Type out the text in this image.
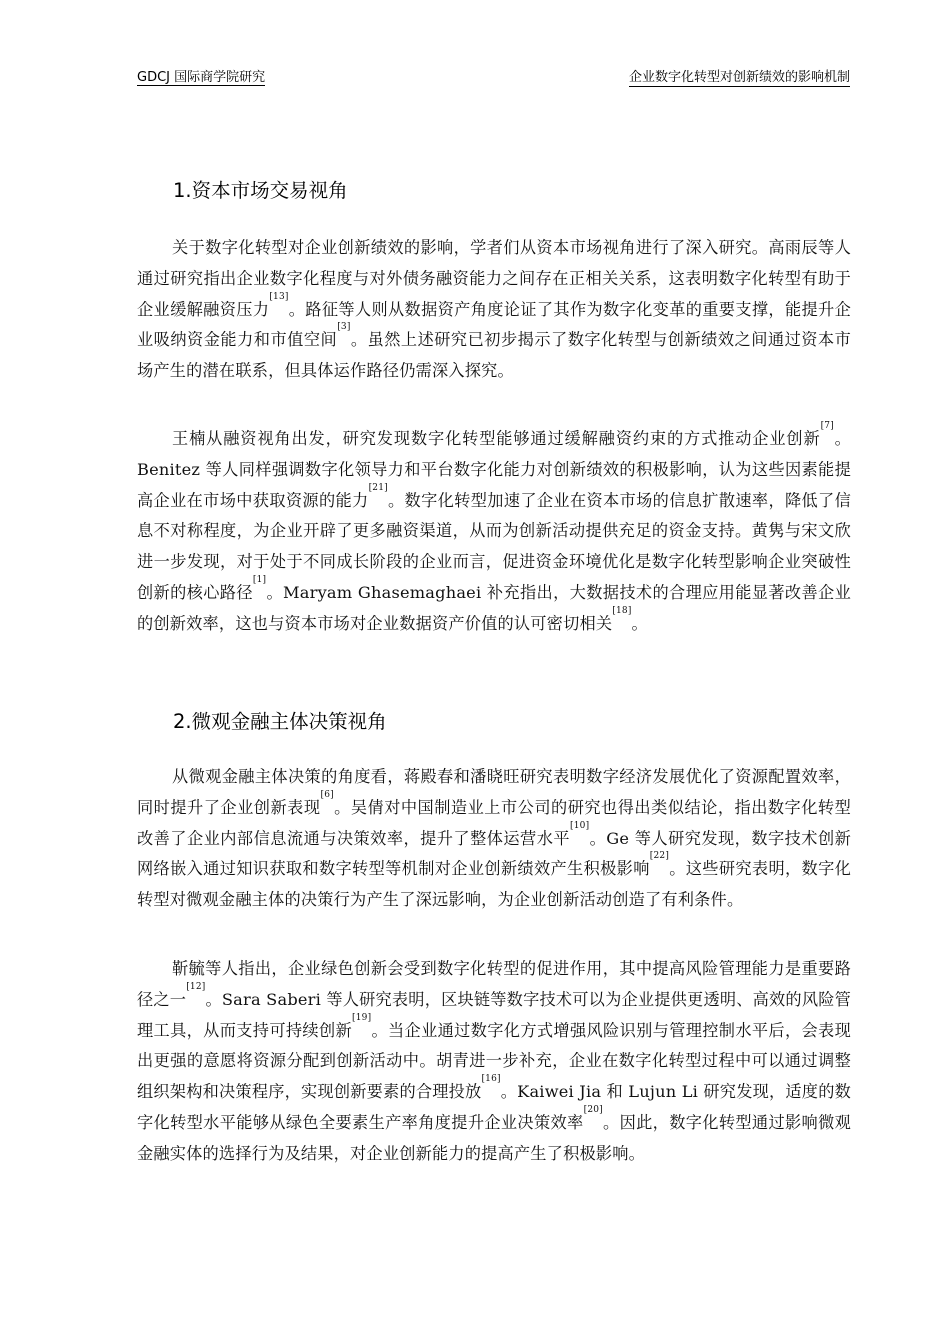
GDCJ 国际商学院研究	企业数字化转型对创新绩效的影响机制
1.资本市场交易视角

关于数字化转型对企业创新绩效的影响，学者们从资本市场视角进行了深入研究。高雨辰等人通过研究指出企业数字化程度与对外债务融资能力之间存在正相关关系，这表明数字化转型有助于企业缓解融资压力[13]。路征等人则从数据资产角度论证了其作为数字化变革的重要支撑，能提升企业吸纳资金能力和市值空间[3]。虽然上述研究已初步揭示了数字化转型与创新绩效之间通过资本市场产生的潜在联系，但具体运作路径仍需深入探究。

王楠从融资视角出发，研究发现数字化转型能够通过缓解融资约束的方式推动企业创新[7]。Benitez 等人同样强调数字化领导力和平台数字化能力对创新绩效的积极影响，认为这些因素能提高企业在市场中获取资源的能力[21]。数字化转型加速了企业在资本市场的信息扩散速率，降低了信息不对称程度，为企业开辟了更多融资渠道，从而为创新活动提供充足的资金支持。黄隽与宋文欣进一步发现，对于处于不同成长阶段的企业而言，促进资金环境优化是数字化转型影响企业突破性创新的核心路径[1]。Maryam Ghasemaghaei 补充指出，大数据技术的合理应用能显著改善企业的创新效率，这也与资本市场对企业数据资产价值的认可密切相关[18]。

2.微观金融主体决策视角

从微观金融主体决策的角度看，蒋殿春和潘晓旺研究表明数字经济发展优化了资源配置效率，同时提升了企业创新表现[6]。吴倩对中国制造业上市公司的研究也得出类似结论，指出数字化转型改善了企业内部信息流通与决策效率，提升了整体运营水平[10]。Ge 等人研究发现，数字技术创新网络嵌入通过知识获取和数字转型等机制对企业创新绩效产生积极影响[22]。这些研究表明，数字化转型对微观金融主体的决策行为产生了深远影响，为企业创新活动创造了有利条件。

靳毓等人指出，企业绿色创新会受到数字化转型的促进作用，其中提高风险管理能力是重要路径之一[12]。Sara Saberi 等人研究表明，区块链等数字技术可以为企业提供更透明、高效的风险管理工具，从而支持可持续创新[19]。当企业通过数字化方式增强风险识别与管理控制水平后，会表现出更强的意愿将资源分配到创新活动中。胡青进一步补充，企业在数字化转型过程中可以通过调整组织架构和决策程序，实现创新要素的合理投放[16]。Kaiwei Jia 和 Lujun Li 研究发现，适度的数字化转型水平能够从绿色全要素生产率角度提升企业决策效率[20]。因此，数字化转型通过影响微观金融实体的选择行为及结果，对企业创新能力的提高产生了积极影响。
